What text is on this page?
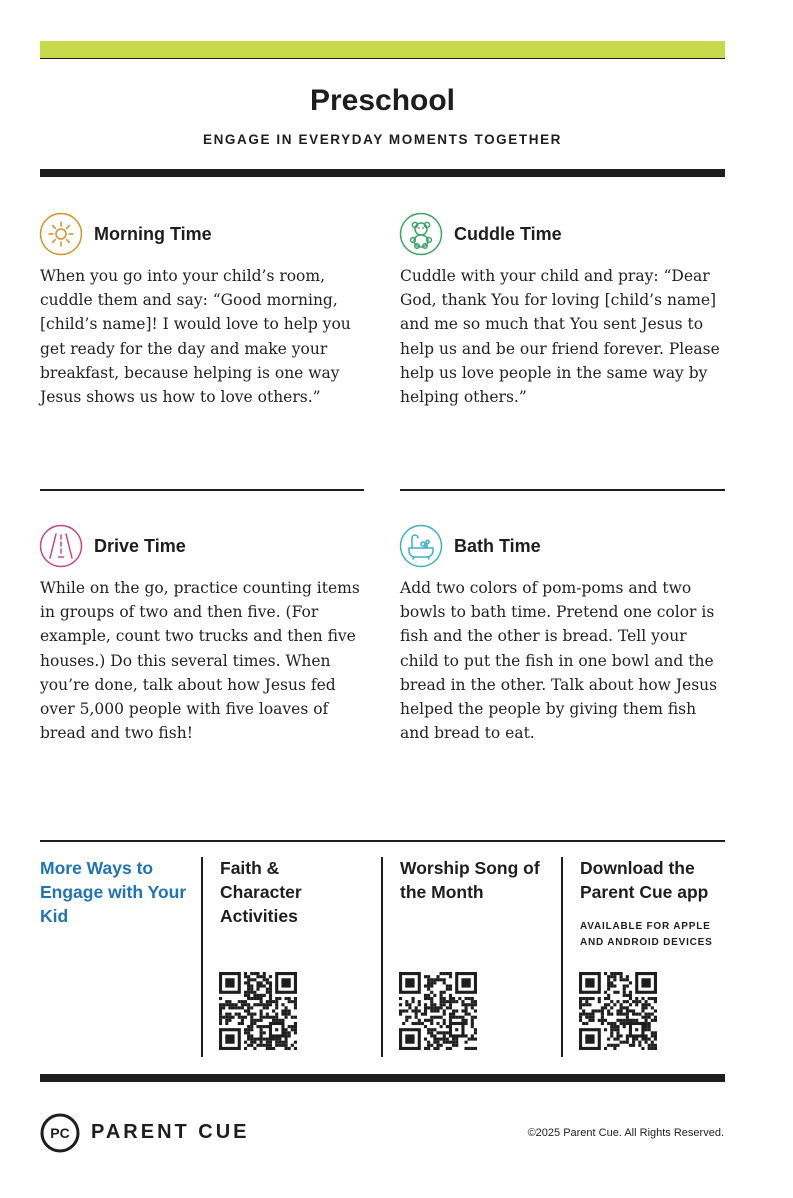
Preschool
ENGAGE IN EVERYDAY MOMENTS TOGETHER
Morning Time
When you go into your child’s room, cuddle them and say: “Good morning, [child’s name]! I would love to help you get ready for the day and make your breakfast, because helping is one way Jesus shows us how to love others.”
Cuddle Time
Cuddle with your child and pray: “Dear God, thank You for loving [child’s name] and me so much that You sent Jesus to help us and be our friend forever. Please help us love people in the same way by helping others.”
Drive Time
While on the go, practice counting items in groups of two and then five. (For example, count two trucks and then five houses.) Do this several times. When you’re done, talk about how Jesus fed over 5,000 people with five loaves of bread and two fish!
Bath Time
Add two colors of pom-poms and two bowls to bath time. Pretend one color is fish and the other is bread. Tell your child to put the fish in one bowl and the bread in the other. Talk about how Jesus helped the people by giving them fish and bread to eat.
More Ways to Engage with Your Kid
Faith & Character Activities
Worship Song of the Month
Download the Parent Cue app
AVAILABLE FOR APPLE AND ANDROID DEVICES
PC PARENT CUE	©2025 Parent Cue. All Rights Reserved.
